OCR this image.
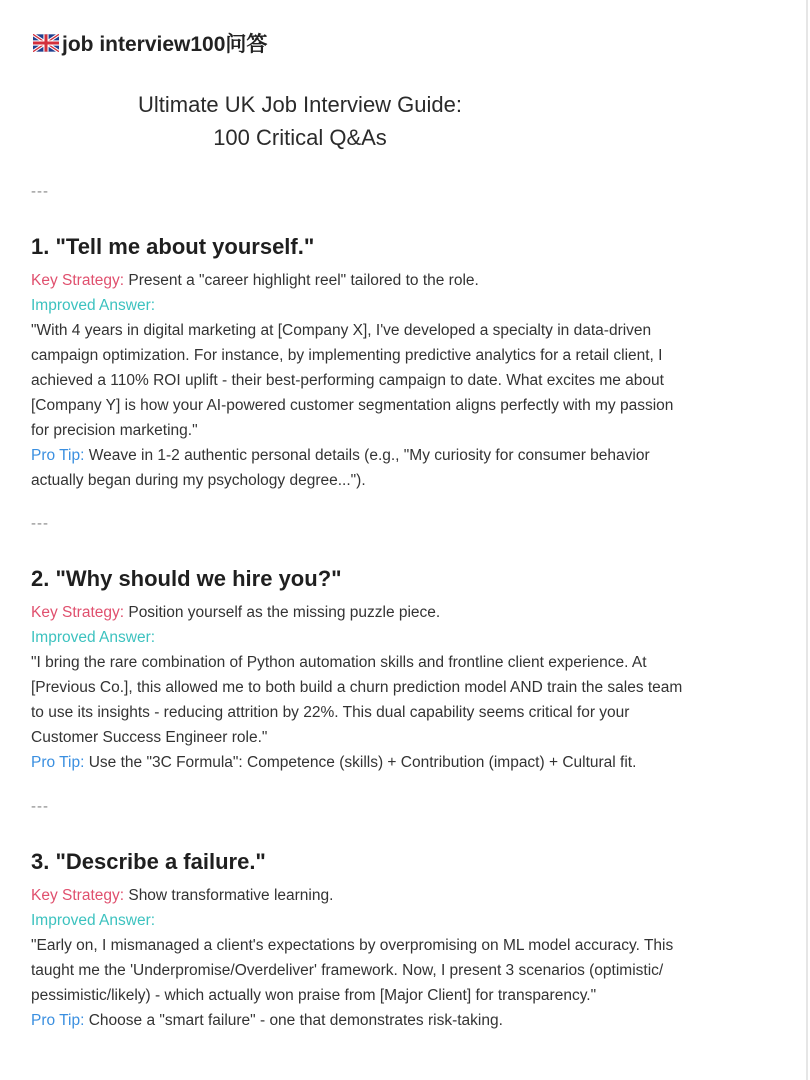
job interview100问答
Ultimate UK Job Interview Guide:
100 Critical Q&As
---
1. "Tell me about yourself."
Key Strategy: Present a "career highlight reel" tailored to the role.
Improved Answer:
"With 4 years in digital marketing at [Company X], I've developed a specialty in data-driven
campaign optimization. For instance, by implementing predictive analytics for a retail client, I
achieved a 110% ROI uplift - their best-performing campaign to date. What excites me about
[Company Y] is how your AI-powered customer segmentation aligns perfectly with my passion
for precision marketing."
Pro Tip: Weave in 1-2 authentic personal details (e.g., "My curiosity for consumer behavior
actually began during my psychology degree...").
---
2. "Why should we hire you?"
Key Strategy: Position yourself as the missing puzzle piece.
Improved Answer:
"I bring the rare combination of Python automation skills and frontline client experience. At
[Previous Co.], this allowed me to both build a churn prediction model AND train the sales team
to use its insights - reducing attrition by 22%. This dual capability seems critical for your
Customer Success Engineer role."
Pro Tip: Use the "3C Formula": Competence (skills) + Contribution (impact) + Cultural fit.
---
3. "Describe a failure."
Key Strategy: Show transformative learning.
Improved Answer:
"Early on, I mismanaged a client's expectations by overpromising on ML model accuracy. This
taught me the 'Underpromise/Overdeliver' framework. Now, I present 3 scenarios (optimistic/
pessimistic/likely) - which actually won praise from [Major Client] for transparency."
Pro Tip: Choose a "smart failure" - one that demonstrates risk-taking.
